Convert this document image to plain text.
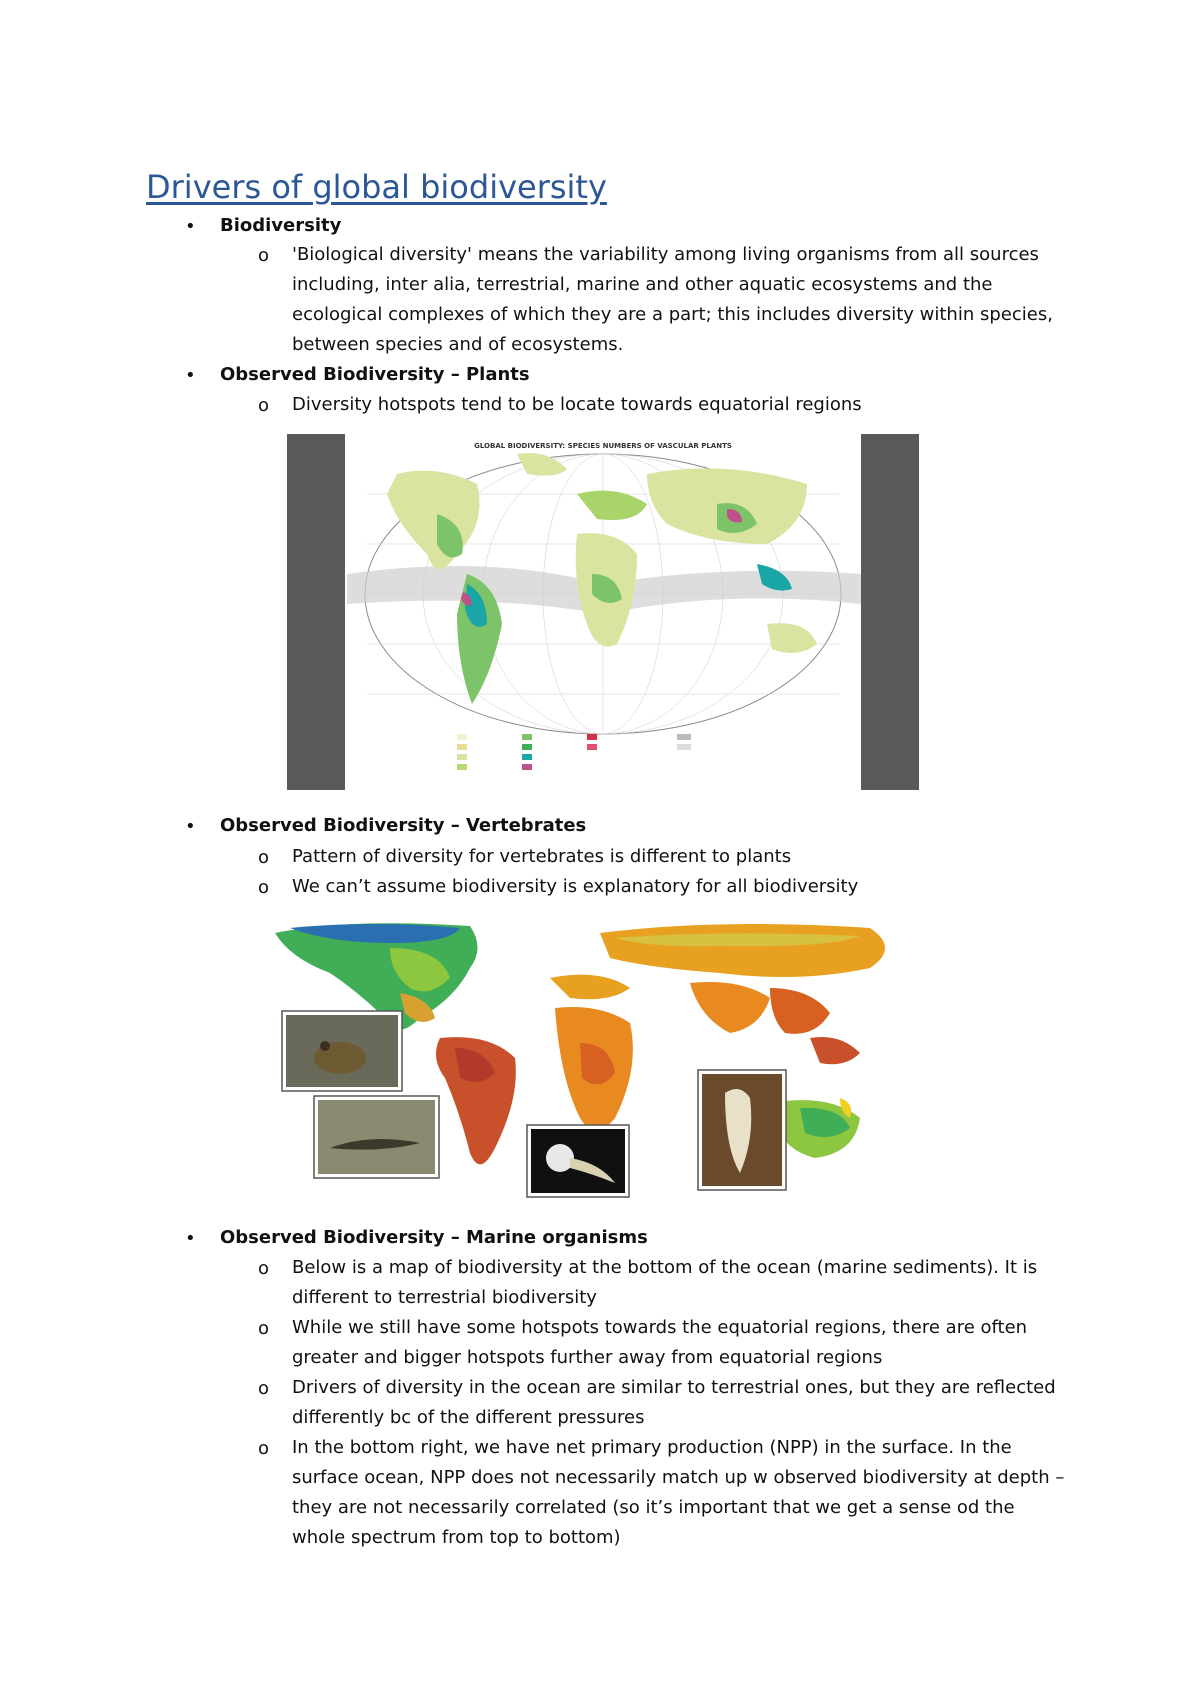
Drivers of global biodiversity
• Biodiversity
o 'Biological diversity' means the variability among living organisms from all sources including, inter alia, terrestrial, marine and other aquatic ecosystems and the ecological complexes of which they are a part; this includes diversity within species, between species and of ecosystems.
• Observed Biodiversity – Plants
o Diversity hotspots tend to be locate towards equatorial regions
GLOBAL BIODIVERSITY: SPECIES NUMBERS OF VASCULAR PLANTS
• Observed Biodiversity – Vertebrates
o Pattern of diversity for vertebrates is different to plants
o We can’t assume biodiversity is explanatory for all biodiversity
• Observed Biodiversity – Marine organisms
o Below is a map of biodiversity at the bottom of the ocean (marine sediments). It is different to terrestrial biodiversity
o While we still have some hotspots towards the equatorial regions, there are often greater and bigger hotspots further away from equatorial regions
o Drivers of diversity in the ocean are similar to terrestrial ones, but they are reflected differently bc of the different pressures
o In the bottom right, we have net primary production (NPP) in the surface. In the surface ocean, NPP does not necessarily match up w observed biodiversity at depth – they are not necessarily correlated (so it’s important that we get a sense od the whole spectrum from top to bottom)
